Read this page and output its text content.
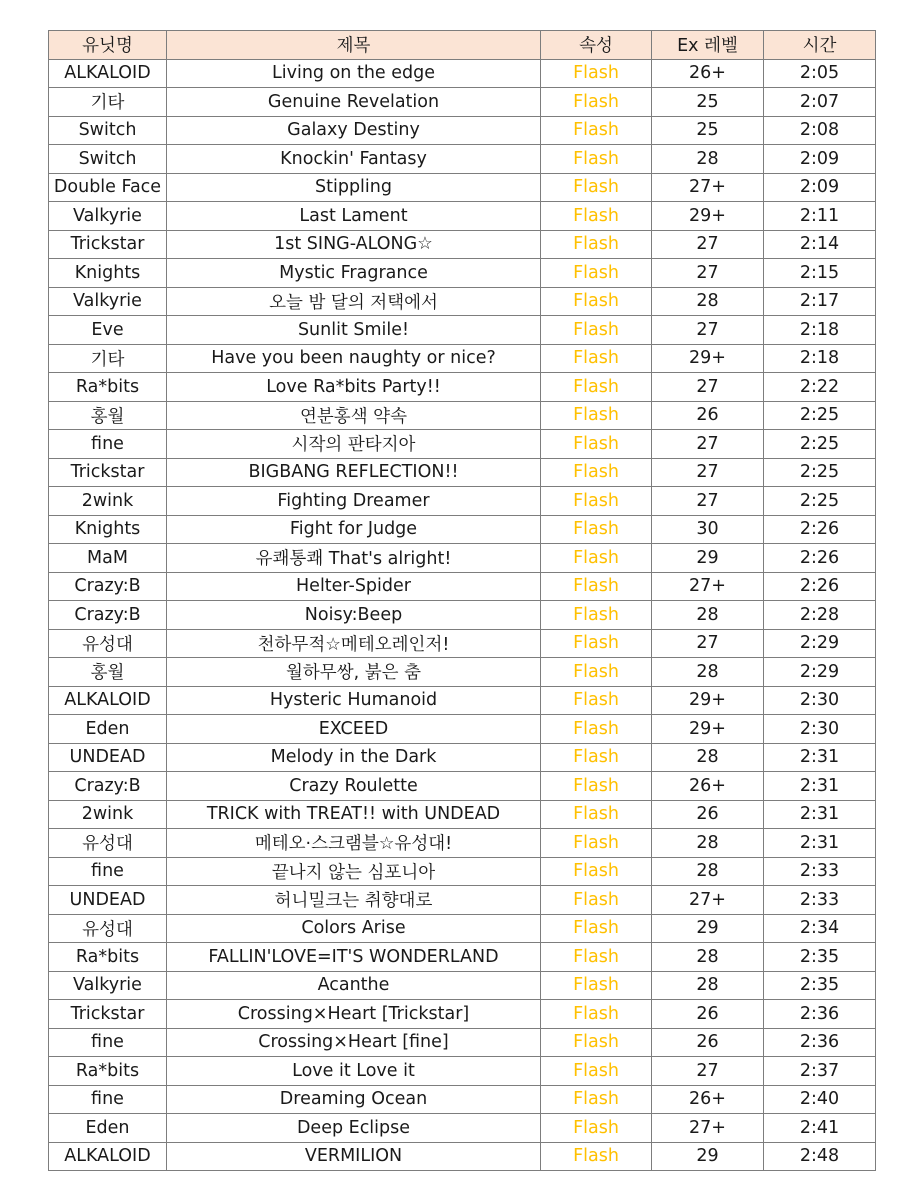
유닛명	제목	속성	Ex 레벨	시간
ALKALOID	Living on the edge	Flash	26+	2:05
기타	Genuine Revelation	Flash	25	2:07
Switch	Galaxy Destiny	Flash	25	2:08
Switch	Knockin' Fantasy	Flash	28	2:09
Double Face	Stippling	Flash	27+	2:09
Valkyrie	Last Lament	Flash	29+	2:11
Trickstar	1st SING-ALONG☆	Flash	27	2:14
Knights	Mystic Fragrance	Flash	27	2:15
Valkyrie	오늘 밤 달의 저택에서	Flash	28	2:17
Eve	Sunlit Smile!	Flash	27	2:18
기타	Have you been naughty or nice?	Flash	29+	2:18
Ra*bits	Love Ra*bits Party!!	Flash	27	2:22
홍월	연분홍색 약속	Flash	26	2:25
fine	시작의 판타지아	Flash	27	2:25
Trickstar	BIGBANG REFLECTION!!	Flash	27	2:25
2wink	Fighting Dreamer	Flash	27	2:25
Knights	Fight for Judge	Flash	30	2:26
MaM	유쾌통쾌 That's alright!	Flash	29	2:26
Crazy:B	Helter-Spider	Flash	27+	2:26
Crazy:B	Noisy:Beep	Flash	28	2:28
유성대	천하무적☆메테오레인저!	Flash	27	2:29
홍월	월하무쌍, 붉은 춤	Flash	28	2:29
ALKALOID	Hysteric Humanoid	Flash	29+	2:30
Eden	EXCEED	Flash	29+	2:30
UNDEAD	Melody in the Dark	Flash	28	2:31
Crazy:B	Crazy Roulette	Flash	26+	2:31
2wink	TRICK with TREAT!! with UNDEAD	Flash	26	2:31
유성대	메테오·스크램블☆유성대!	Flash	28	2:31
fine	끝나지 않는 심포니아	Flash	28	2:33
UNDEAD	허니밀크는 취향대로	Flash	27+	2:33
유성대	Colors Arise	Flash	29	2:34
Ra*bits	FALLIN'LOVE=IT'S WONDERLAND	Flash	28	2:35
Valkyrie	Acanthe	Flash	28	2:35
Trickstar	Crossing×Heart [Trickstar]	Flash	26	2:36
fine	Crossing×Heart [fine]	Flash	26	2:36
Ra*bits	Love it Love it	Flash	27	2:37
fine	Dreaming Ocean	Flash	26+	2:40
Eden	Deep Eclipse	Flash	27+	2:41
ALKALOID	VERMILION	Flash	29	2:48
